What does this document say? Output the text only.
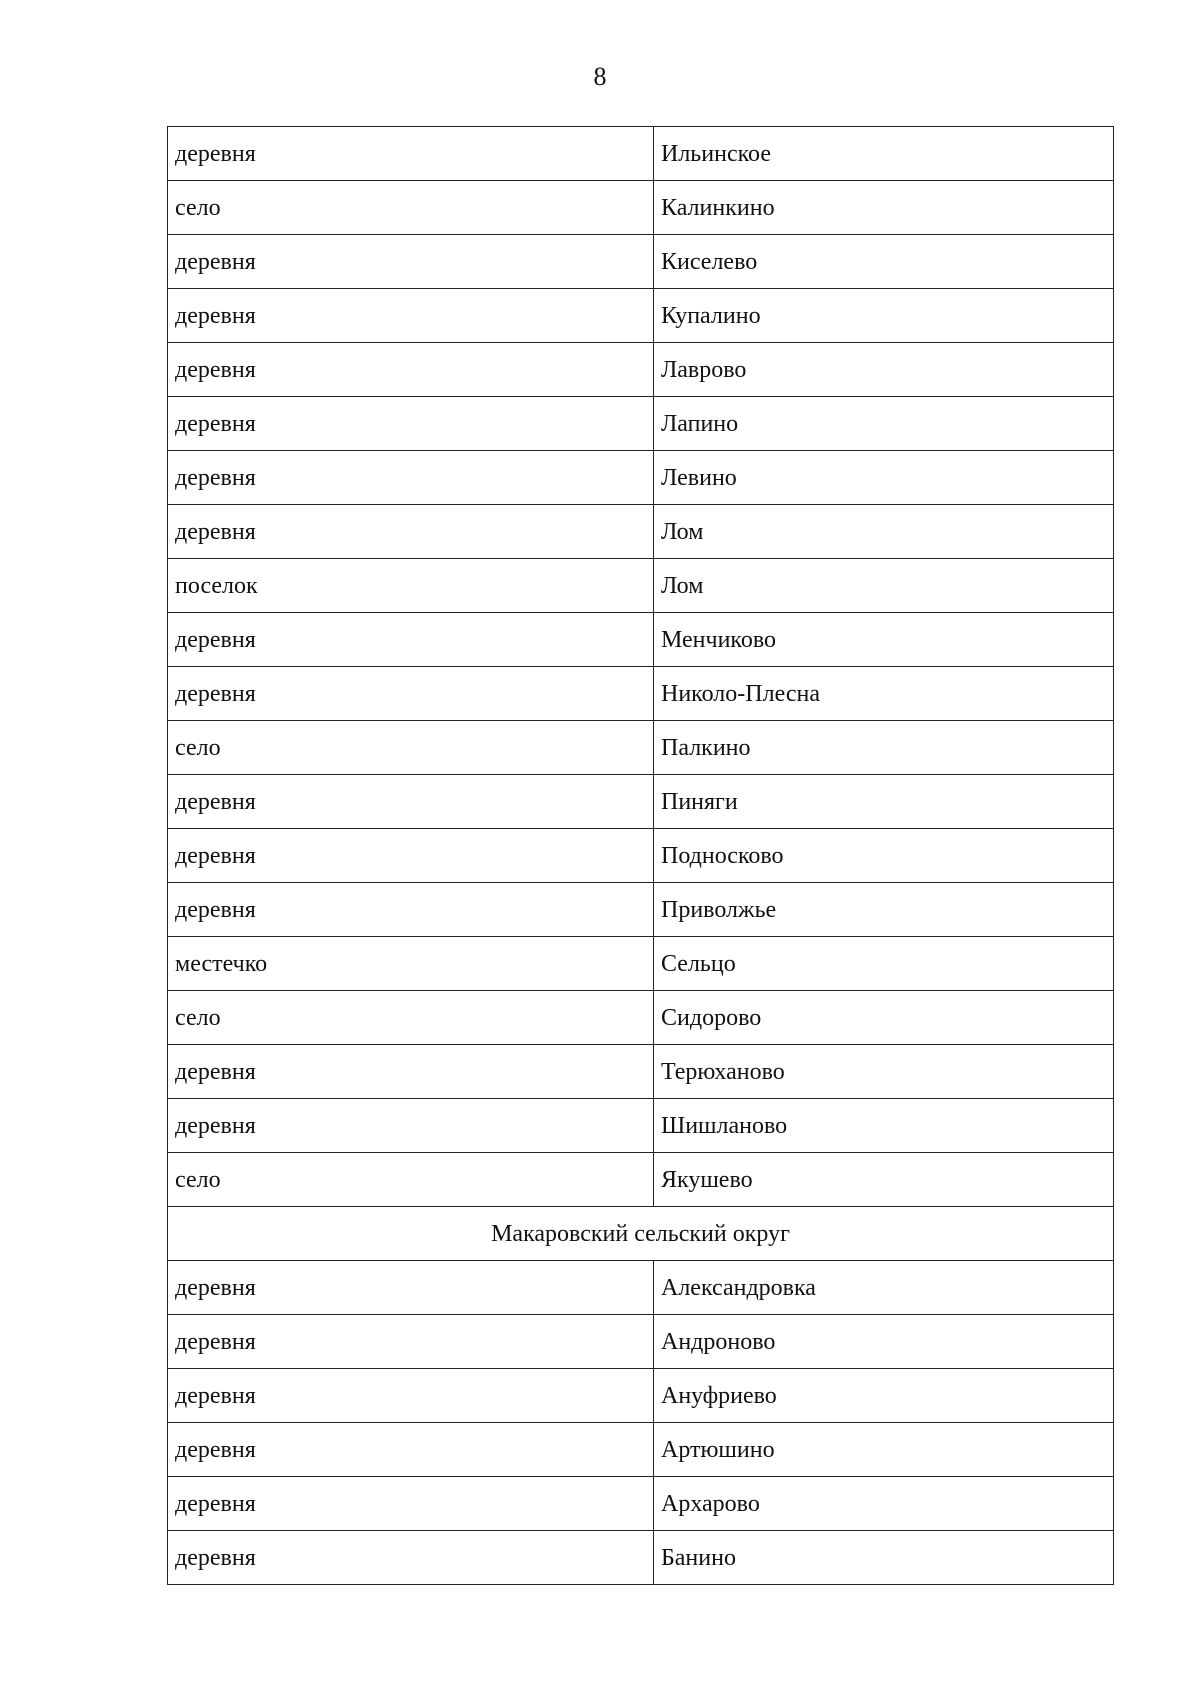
8
деревня	Ильинское
село	Калинкино
деревня	Киселево
деревня	Купалино
деревня	Лаврово
деревня	Лапино
деревня	Левино
деревня	Лом
поселок	Лом
деревня	Менчиково
деревня	Николо-Плесна
село	Палкино
деревня	Пиняги
деревня	Подносково
деревня	Приволжье
местечко	Сельцо
село	Сидорово
деревня	Терюханово
деревня	Шишланово
село	Якушево
Макаровский сельский округ	
деревня	Александровка
деревня	Андроново
деревня	Ануфриево
деревня	Артюшино
деревня	Архарово
деревня	Банино
